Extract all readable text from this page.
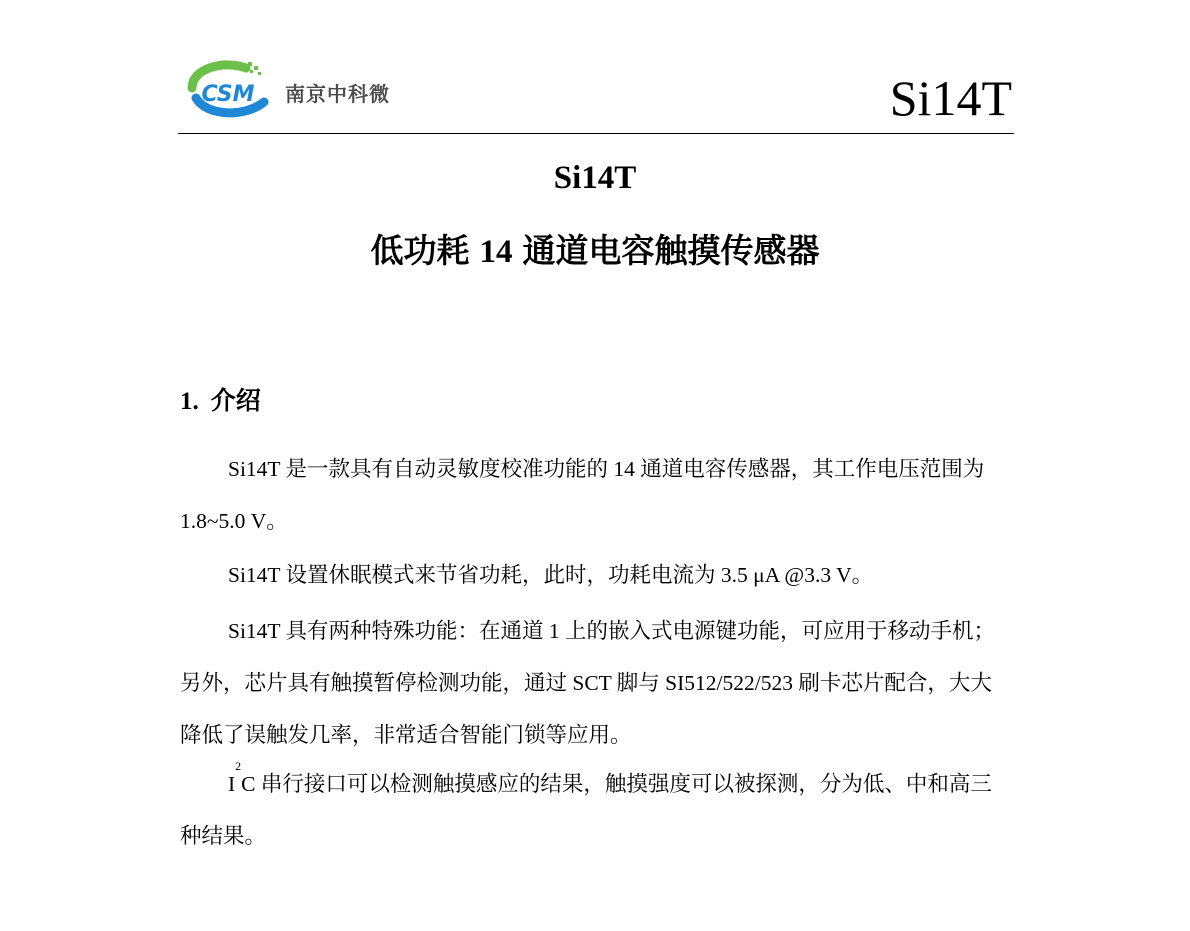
CSM 南京中科微	Si14T
Si14T
低功耗 14 通道电容触摸传感器
1. 介绍

Si14T 是一款具有自动灵敏度校准功能的 14 通道电容传感器，其工作电压范围为 1.8~5.0 V。

Si14T 设置休眠模式来节省功耗，此时，功耗电流为 3.5 μA @3.3 V。

Si14T 具有两种特殊功能：在通道 1 上的嵌入式电源键功能，可应用于移动手机；另外，芯片具有触摸暂停检测功能，通过 SCT 脚与 SI512/522/523 刷卡芯片配合，大大降低了误触发几率，非常适合智能门锁等应用。

$I^2C$ 串行接口可以检测触摸感应的结果，触摸强度可以被探测，分为低、中和高三种结果。
